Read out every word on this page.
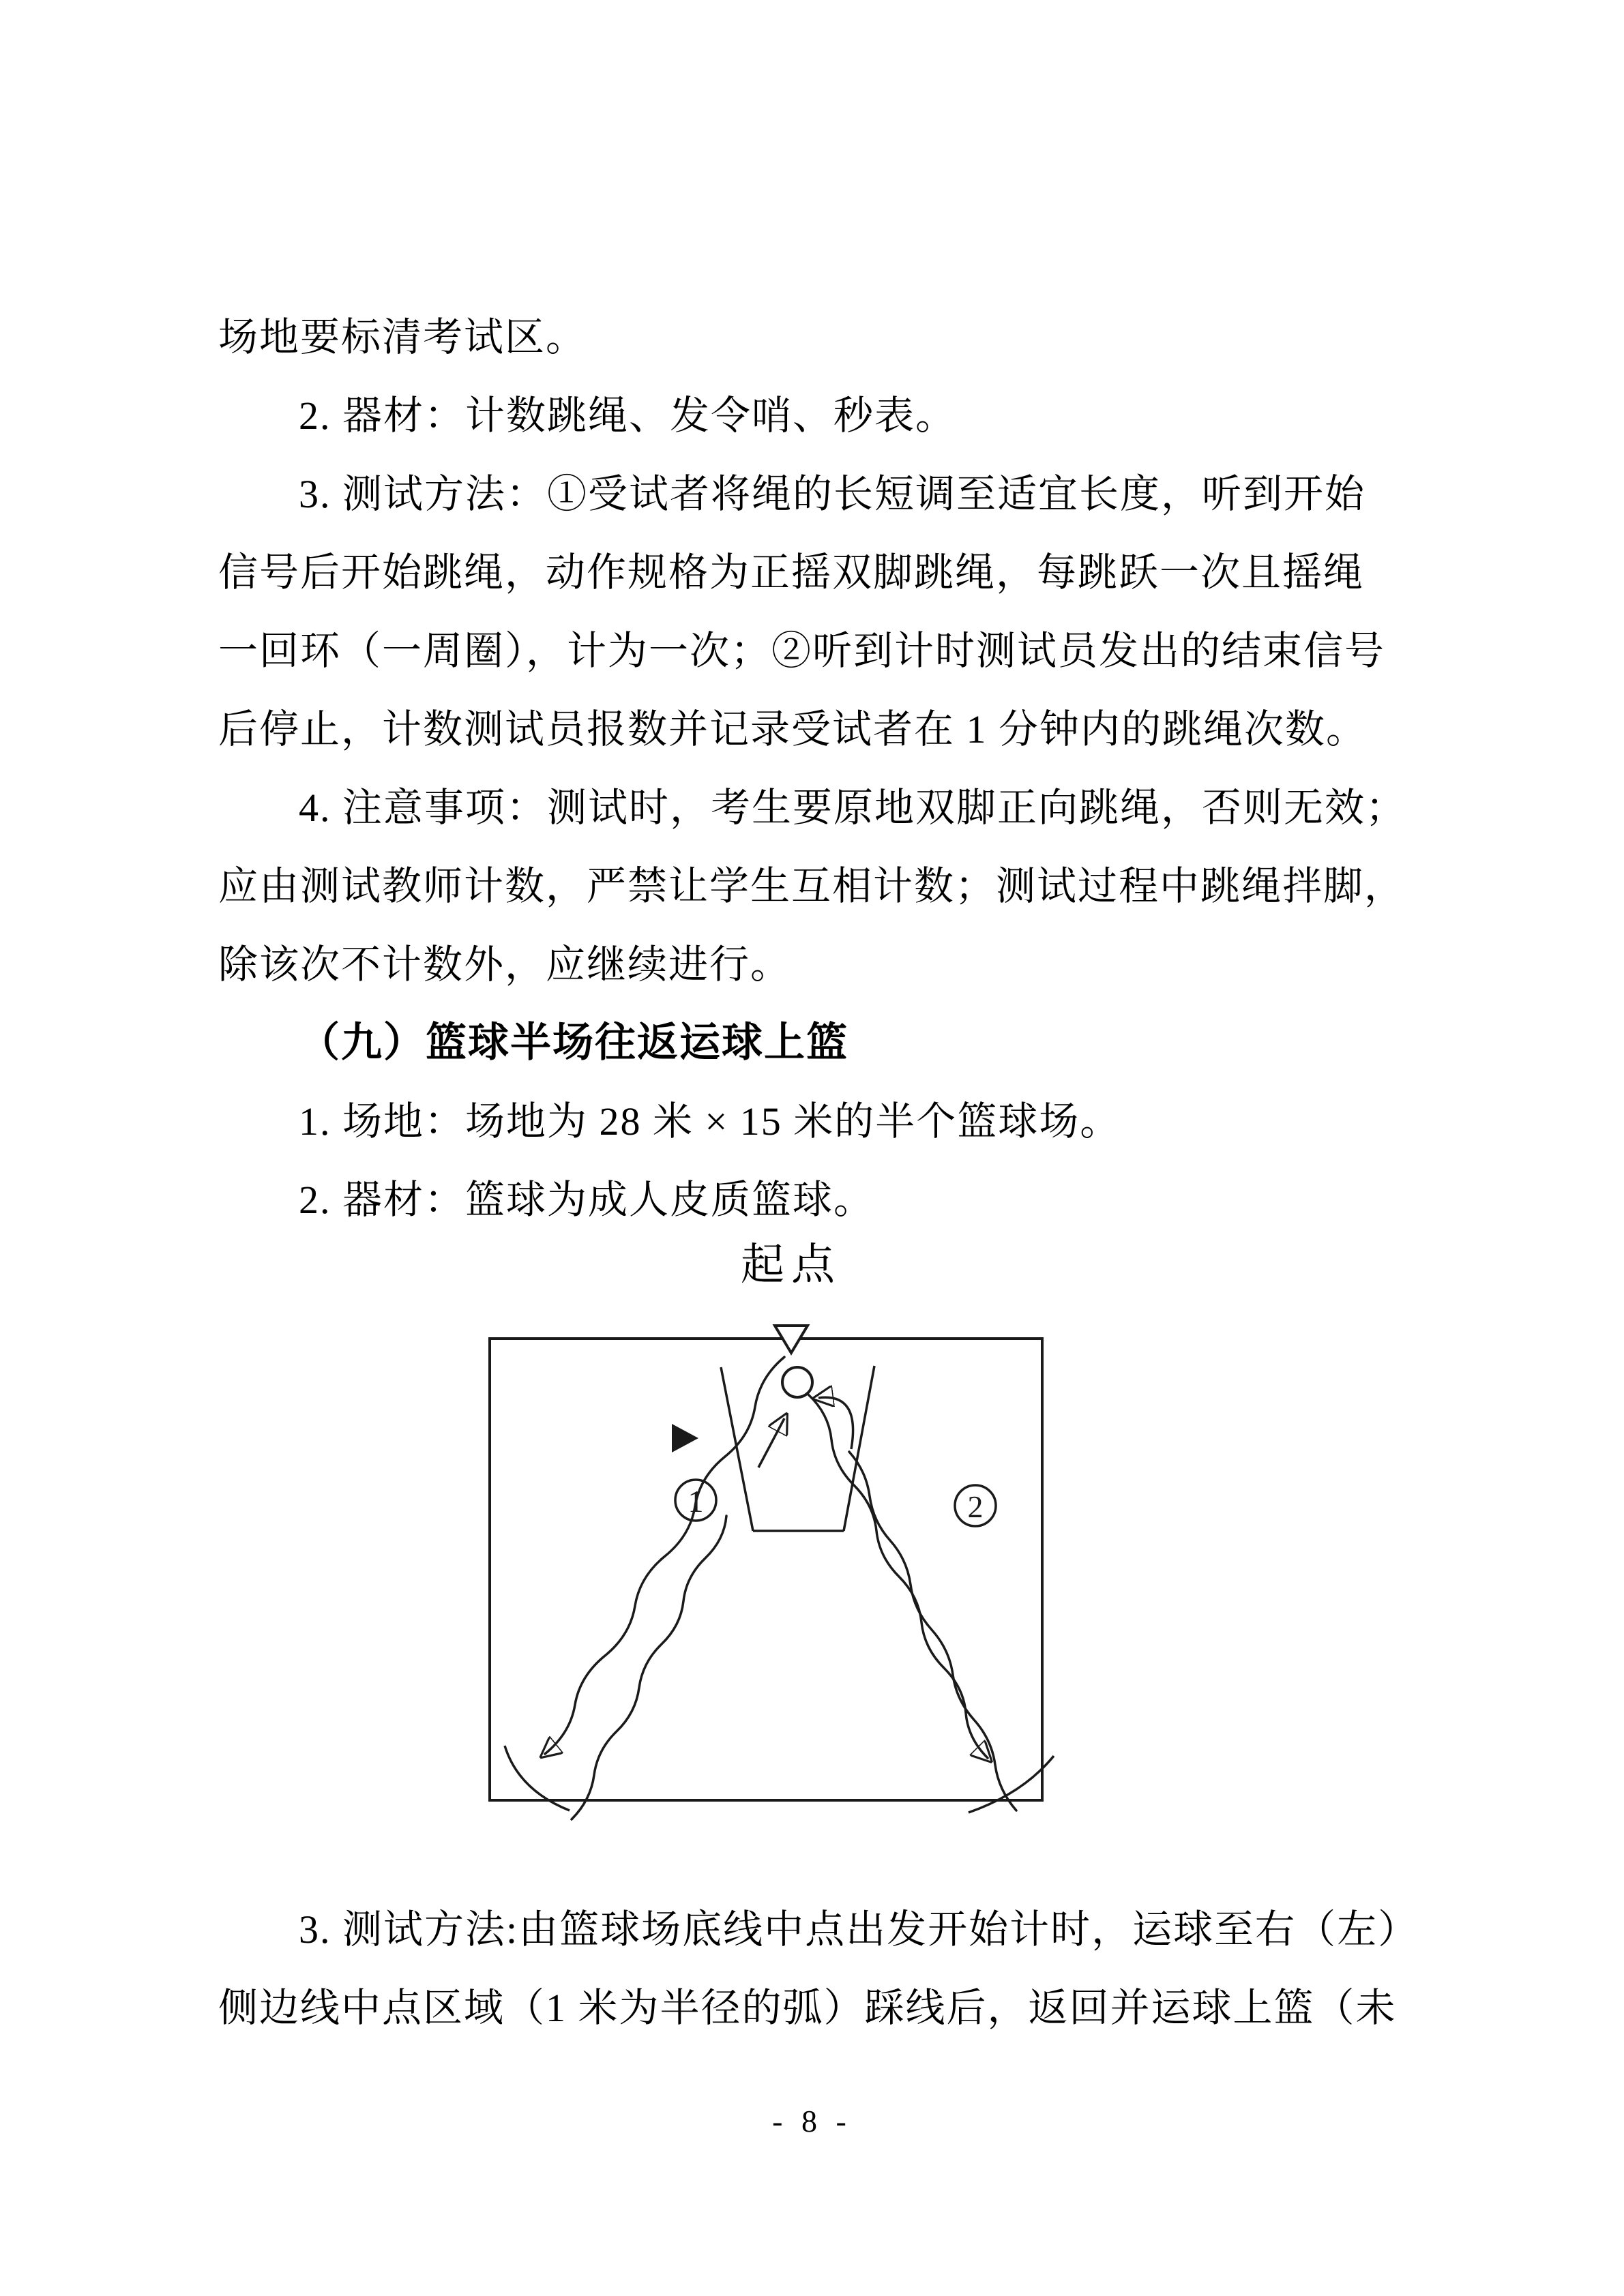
场地要标清考试区。
2. 器材：计数跳绳、发令哨、秒表。
3. 测试方法：①受试者将绳的长短调至适宜长度，听到开始
信号后开始跳绳，动作规格为正摇双脚跳绳，每跳跃一次且摇绳
一回环（一周圈），计为一次；②听到计时测试员发出的结束信号
后停止，计数测试员报数并记录受试者在 1 分钟内的跳绳次数。
4. 注意事项：测试时，考生要原地双脚正向跳绳，否则无效；
应由测试教师计数，严禁让学生互相计数；测试过程中跳绳拌脚，
除该次不计数外，应继续进行。
（九）篮球半场往返运球上篮
1. 场地：场地为 28 米 × 15 米的半个篮球场。
2. 器材：篮球为成人皮质篮球。
3. 测试方法:由篮球场底线中点出发开始计时，运球至右（左）
侧边线中点区域（1 米为半径的弧）踩线后，返回并运球上篮（未
起点
1	2
- 8 -
